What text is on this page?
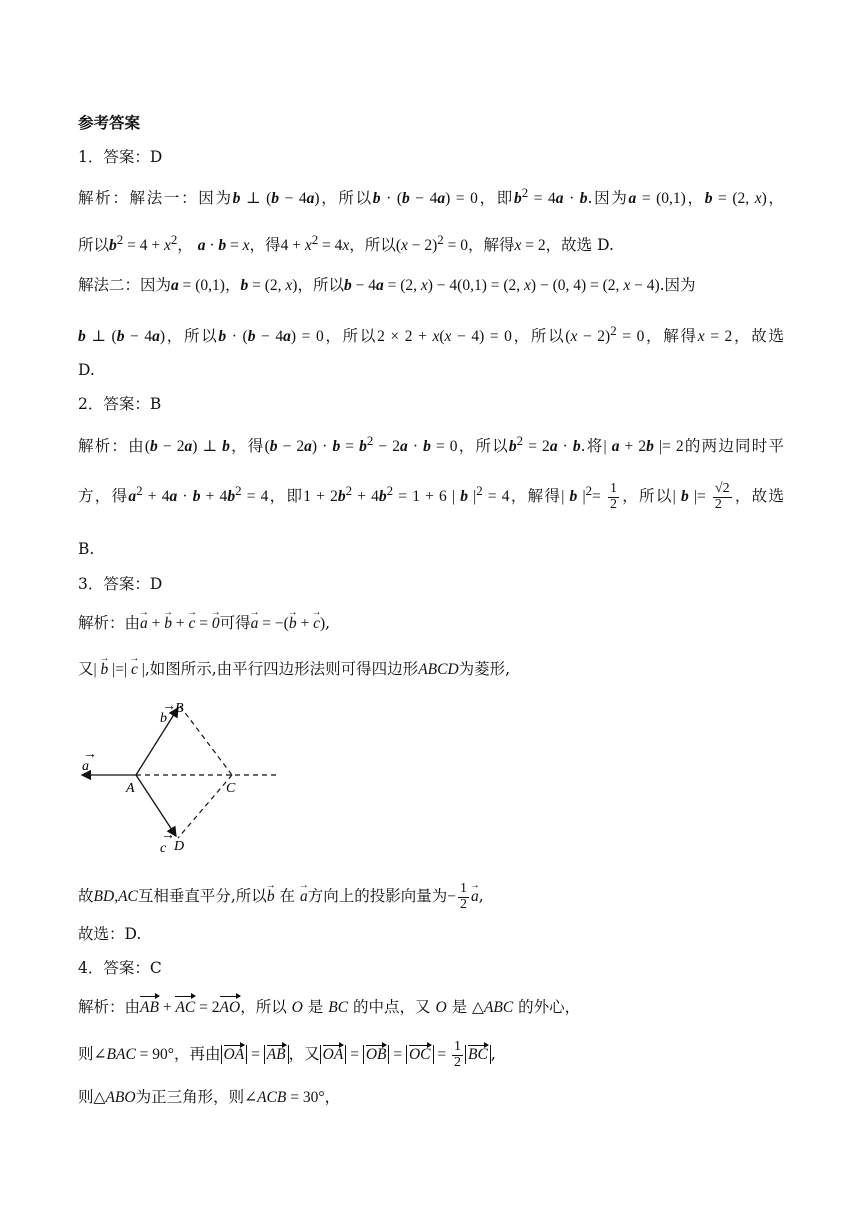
参考答案
1．答案：D
解析：解法一：因为b ⊥ (b − 4a)，所以b · (b − 4a) = 0，即$b^2 = 4a \cdot b$.因为a = (0,1)，b = (2, x)，
所以$b^2 = 4 + x^2$， a · b = x，得$4 + x^2 = 4x$，所以$(x - 2)^2 = 0$，解得x = 2，故选 D.
解法二：因为a = (0,1)，b = (2, x)，所以b − 4a = (2, x) − 4(0,1) = (2, x) − (0, 4) = (2, x − 4).因为
b ⊥ (b − 4a)，所以b · (b − 4a) = 0，所以2 × 2 + x(x − 4) = 0，所以$(x - 2)^2 = 0$，解得x = 2，故选
D.
2．答案：B
解析：由(b − 2a) ⊥ b，得$(b - 2a) \cdot b = b^2 - 2a \cdot b = 0$，所以$b^2 = 2a \cdot b$.将| a + 2b |= 2的两边同时平
方，得$a^2 + 4a \cdot b + 4b^2 = 4$，即$1 + 2b^2 + 4b^2 = 1 + 6$ | b $|^2 = 4$，解得| b $|^2= \frac{1}{2}$ ，所以| b |= $\frac{√2}{2}$ ，故选
B.
3．答案：D
解析：由→ a + → b + → c = → 0可得→ a = −(→ b + → c),
又| → b |=| → c |,如图所示,由平行四边形法则可得四边形ABCD为菱形,
B
b
→
a
→
A	C
c
→
D
故BD,AC互相垂直平分,所以→ b 在 → a方向上的投影向量为− $\frac{1}{2}$
→ a,
故选：D.
4．答案：C
解析：由AB + AC = 2AO，所以 O 是 BC 的中点，又 O 是 △ABC 的外心，
则∠BAC = 90°，再由 OA = AB ，又 OA = OB = OC = $\frac{1}{2}$ BC ,
则△ABO为正三角形，则∠ACB = 30°，
